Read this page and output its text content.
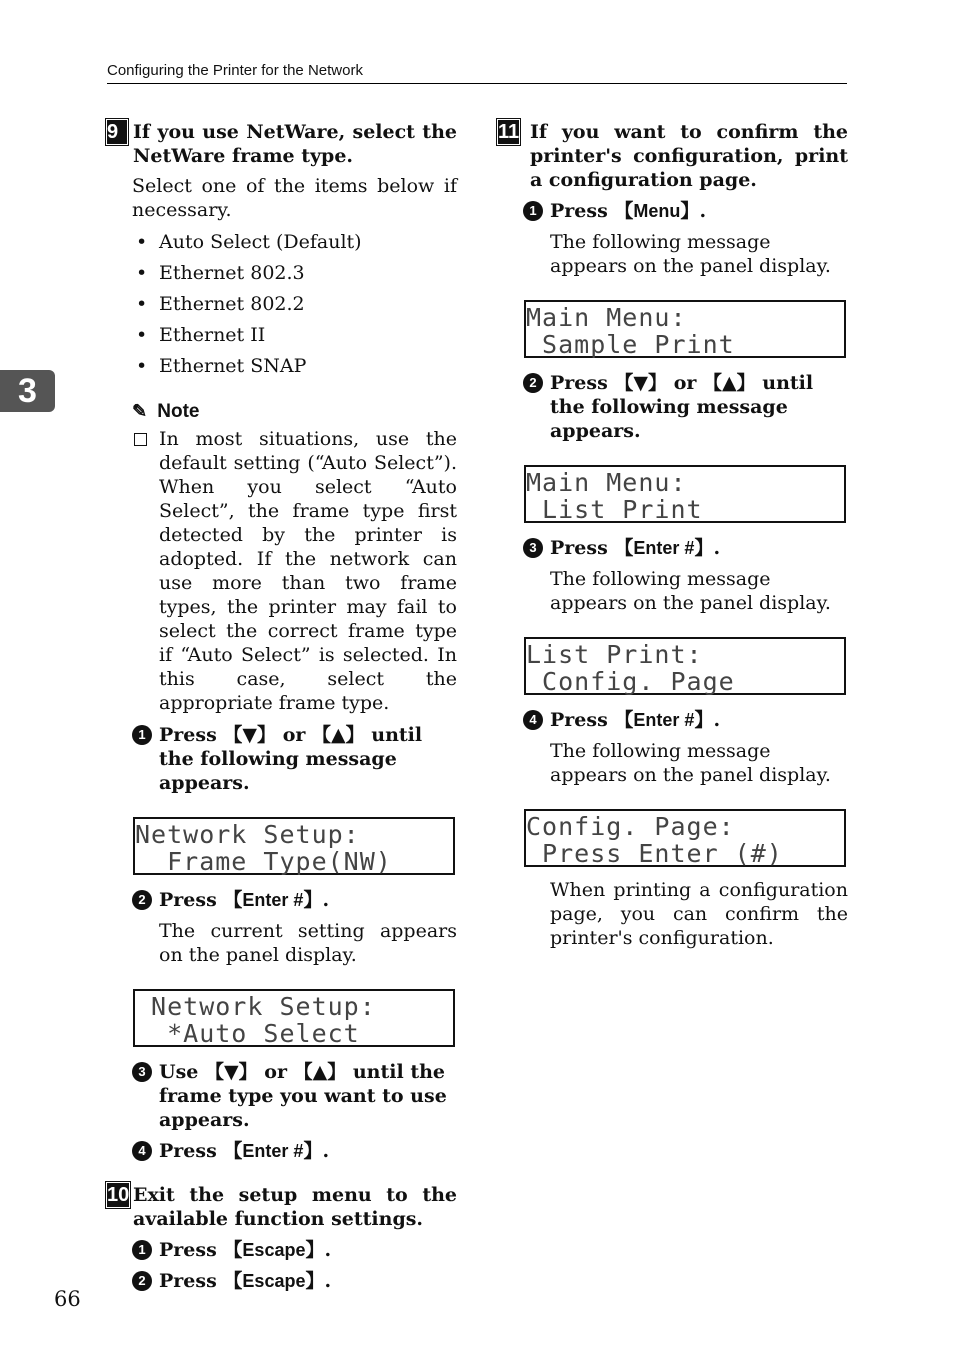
Configuring the Printer for the Network
3
9 If you use NetWare, select the NetWare frame type.
Select one of the items below if necessary.
• Auto Select (Default)
• Ethernet 802.3
• Ethernet 802.2
• Ethernet II
• Ethernet SNAP
✎ Note
In most situations, use the default setting (“Auto Select”). When you select “Auto Select”, the frame type first detected by the printer is adopted. If the network can use more than two frame types, the printer may fail to select the correct frame type if “Auto Select” is selected. In this case, select the appropriate frame type.
1 Press 【▼】 or 【▲】 until the following message appears.
Network Setup:
Frame Type(NW)
2 Press 【Enter #】.
The current setting appears on the panel display.
Network Setup:
*Auto Select
3 Use 【▼】 or 【▲】 until the frame type you want to use appears.
4 Press 【Enter #】.
10 Exit the setup menu to the available function settings.
1 Press 【Escape】.
2 Press 【Escape】.
11 If you want to confirm the printer's configuration, print a configuration page.
1 Press 【Menu】.
The following message appears on the panel display.
Main Menu:
Sample Print
2 Press 【▼】 or 【▲】 until the following message appears.
Main Menu:
List Print
3 Press 【Enter #】.
The following message appears on the panel display.
List Print:
Config. Page
4 Press 【Enter #】.
The following message appears on the panel display.
Config. Page:
Press Enter (#)
When printing a configuration page, you can confirm the printer's configuration.
66
